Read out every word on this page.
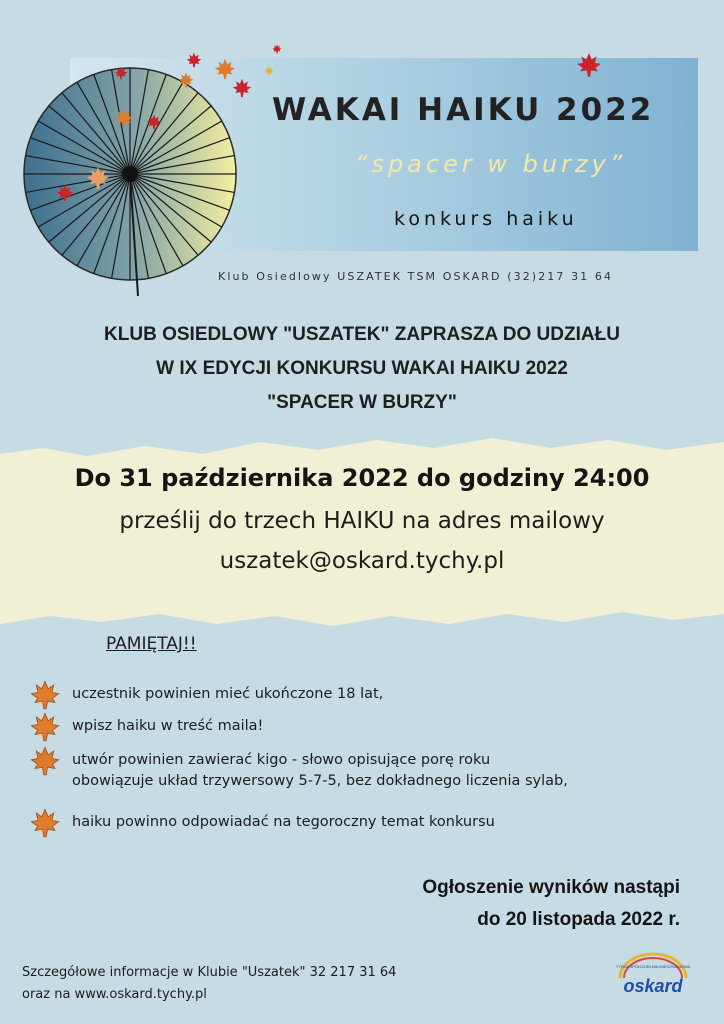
WAKAI HAIKU 2022
“spacer w burzy”
konkurs haiku
Klub Osiedlowy USZATEK TSM OSKARD (32)217 31 64
KLUB OSIEDLOWY "USZATEK" ZAPRASZA DO UDZIAŁU
W IX EDYCJI KONKURSU WAKAI HAIKU 2022
"SPACER W BURZY"
Do 31 października 2022 do godziny 24:00
prześlij do trzech HAIKU na adres mailowy
uszatek@oskard.tychy.pl
PAMIĘTAJ!!
uczestnik powinien mieć ukończone 18 lat,
wpisz haiku w treść maila!
utwór powinien zawierać kigo - słowo opisujące porę roku
obowiązuje układ trzywersowy 5-7-5, bez dokładnego liczenia sylab,
haiku powinno odpowiadać na tegoroczny temat konkursu
Ogłoszenie wyników nastąpi
do 20 listopada 2022 r.
Szczegółowe informacje w Klubie "Uszatek" 32 217 31 64
oraz na www.oskard.tychy.pl
TYSKA SPÓŁDZIELNIA MIESZKANIOWA
oskard
